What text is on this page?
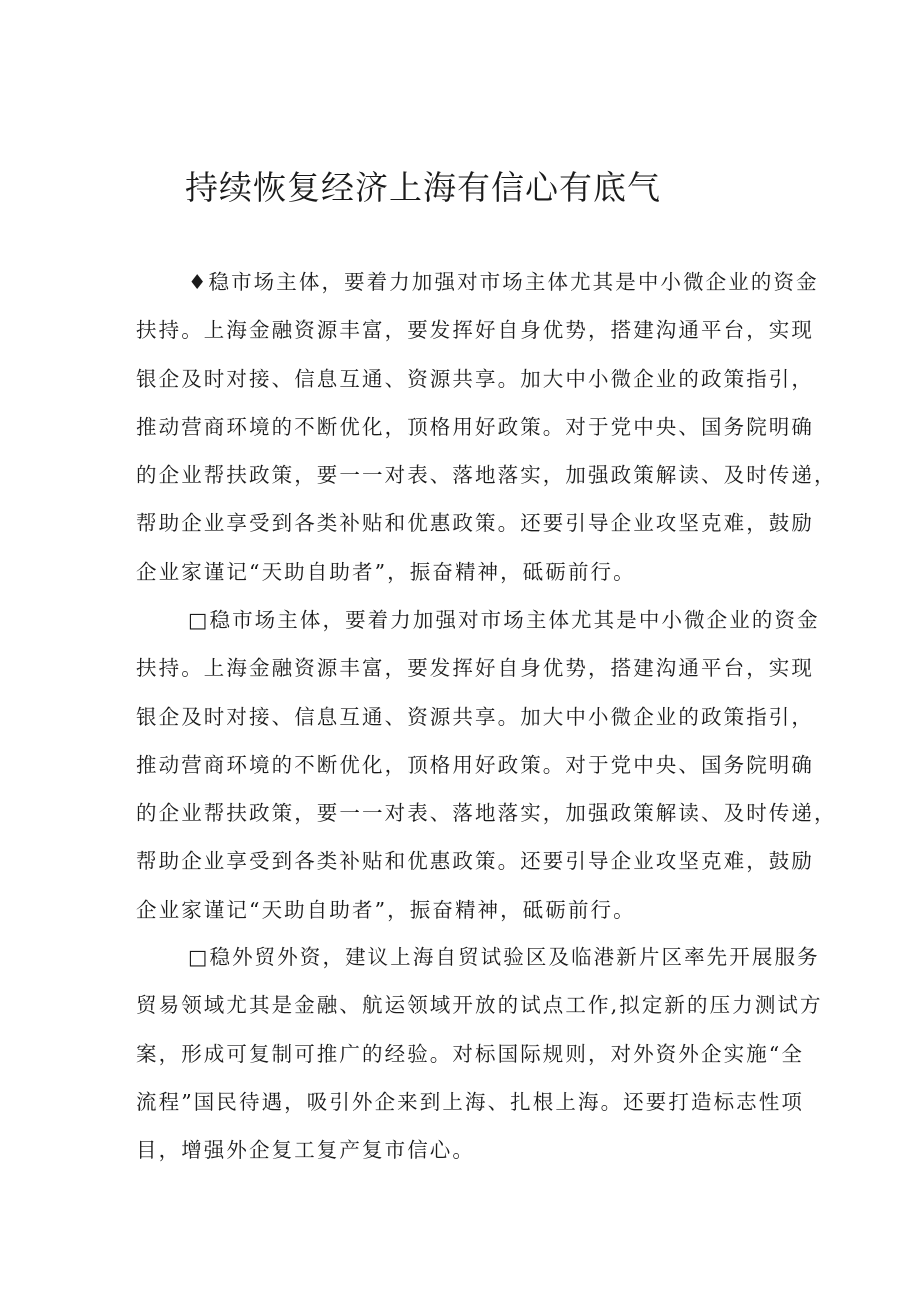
持续恢复经济上海有信心有底气
♦稳市场主体，要着力加强对市场主体尤其是中小微企业的资金
扶持。上海金融资源丰富，要发挥好自身优势，搭建沟通平台，实现
银企及时对接、信息互通、资源共享。加大中小微企业的政策指引，
推动营商环境的不断优化，顶格用好政策。对于党中央、国务院明确
的企业帮扶政策，要一一对表、落地落实，加强政策解读、及时传递，
帮助企业享受到各类补贴和优惠政策。还要引导企业攻坚克难，鼓励
企业家谨记“天助自助者”，振奋精神，砥砺前行。
□稳市场主体，要着力加强对市场主体尤其是中小微企业的资金
扶持。上海金融资源丰富，要发挥好自身优势，搭建沟通平台，实现
银企及时对接、信息互通、资源共享。加大中小微企业的政策指引，
推动营商环境的不断优化，顶格用好政策。对于党中央、国务院明确
的企业帮扶政策，要一一对表、落地落实，加强政策解读、及时传递，
帮助企业享受到各类补贴和优惠政策。还要引导企业攻坚克难，鼓励
企业家谨记“天助自助者”，振奋精神，砥砺前行。
□稳外贸外资，建议上海自贸试验区及临港新片区率先开展服务
贸易领域尤其是金融、航运领域开放的试点工作,拟定新的压力测试方
案，形成可复制可推广的经验。对标国际规则，对外资外企实施“全
流程”国民待遇，吸引外企来到上海、扎根上海。还要打造标志性项
目，增强外企复工复产复市信心。
